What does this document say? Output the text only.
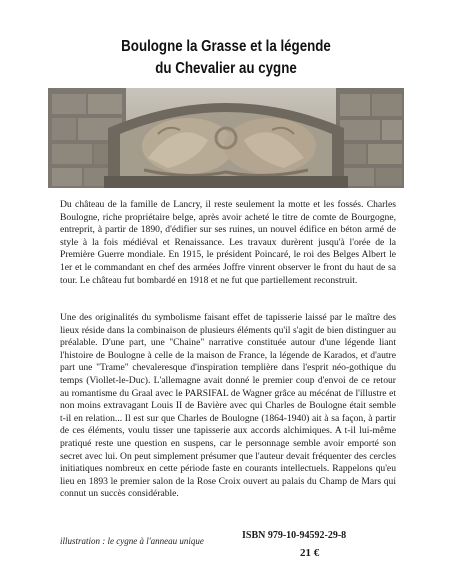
Boulogne la Grasse et la légende
du Chevalier au cygne

Du château de la famille de Lancry, il reste seulement la motte et les fossés. Charles Boulogne, riche propriétaire belge, après avoir acheté le titre de comte de Bourgogne, entreprit, à partir de 1890, d'édifier sur ses ruines, un nouvel édifice en béton armé de style à la fois médiéval et Renaissance. Les travaux durèrent jusqu'à l'orée de la Première Guerre mondiale. En 1915, le président Poincaré, le roi des Belges Albert le 1er et le commandant en chef des armées Joffre vinrent observer le front du haut de sa tour. Le château fut bombardé en 1918 et ne fut que partiellement reconstruit.

Une des originalités du symbolisme faisant effet de tapisserie laissé par le maître des lieux réside dans la combinaison de plusieurs éléments qu'il s'agit de bien distinguer au préalable. D'une part, une "Chaine" narrative constituée autour d'une légende liant l'histoire de Boulogne à celle de la maison de France, la légende de Karados, et d'autre part une "Trame" chevaleresque d'inspiration templière dans l'esprit néo-gothique du temps (Viollet-le-Duc). L'allemagne avait donné le premier coup d'envoi de ce retour au romantisme du Graal avec le PARSIFAL de Wagner grâce au mécénat de l'illustre et non moins extravagant Louis II de Bavière avec qui Charles de Boulogne était semble t-il en relation... Il est sur que Charles de Boulogne (1864-1940) ait à sa façon, à partir de ces éléments, voulu tisser une tapisserie aux accords alchimiques. A t-il lui-même pratiqué reste une question en suspens, car le personnage semble avoir emporté son secret avec lui. On peut simplement présumer que l'auteur devait fréquenter des cercles initiatiques nombreux en cette période faste en courants intellectuels. Rappelons qu'eu lieu en 1893 le premier salon de la Rose Croix ouvert au palais du Champ de Mars qui connut un succès considérable.

illustration : le cygne à l'anneau unique	ISBN 979-10-94592-29-8
21 €
